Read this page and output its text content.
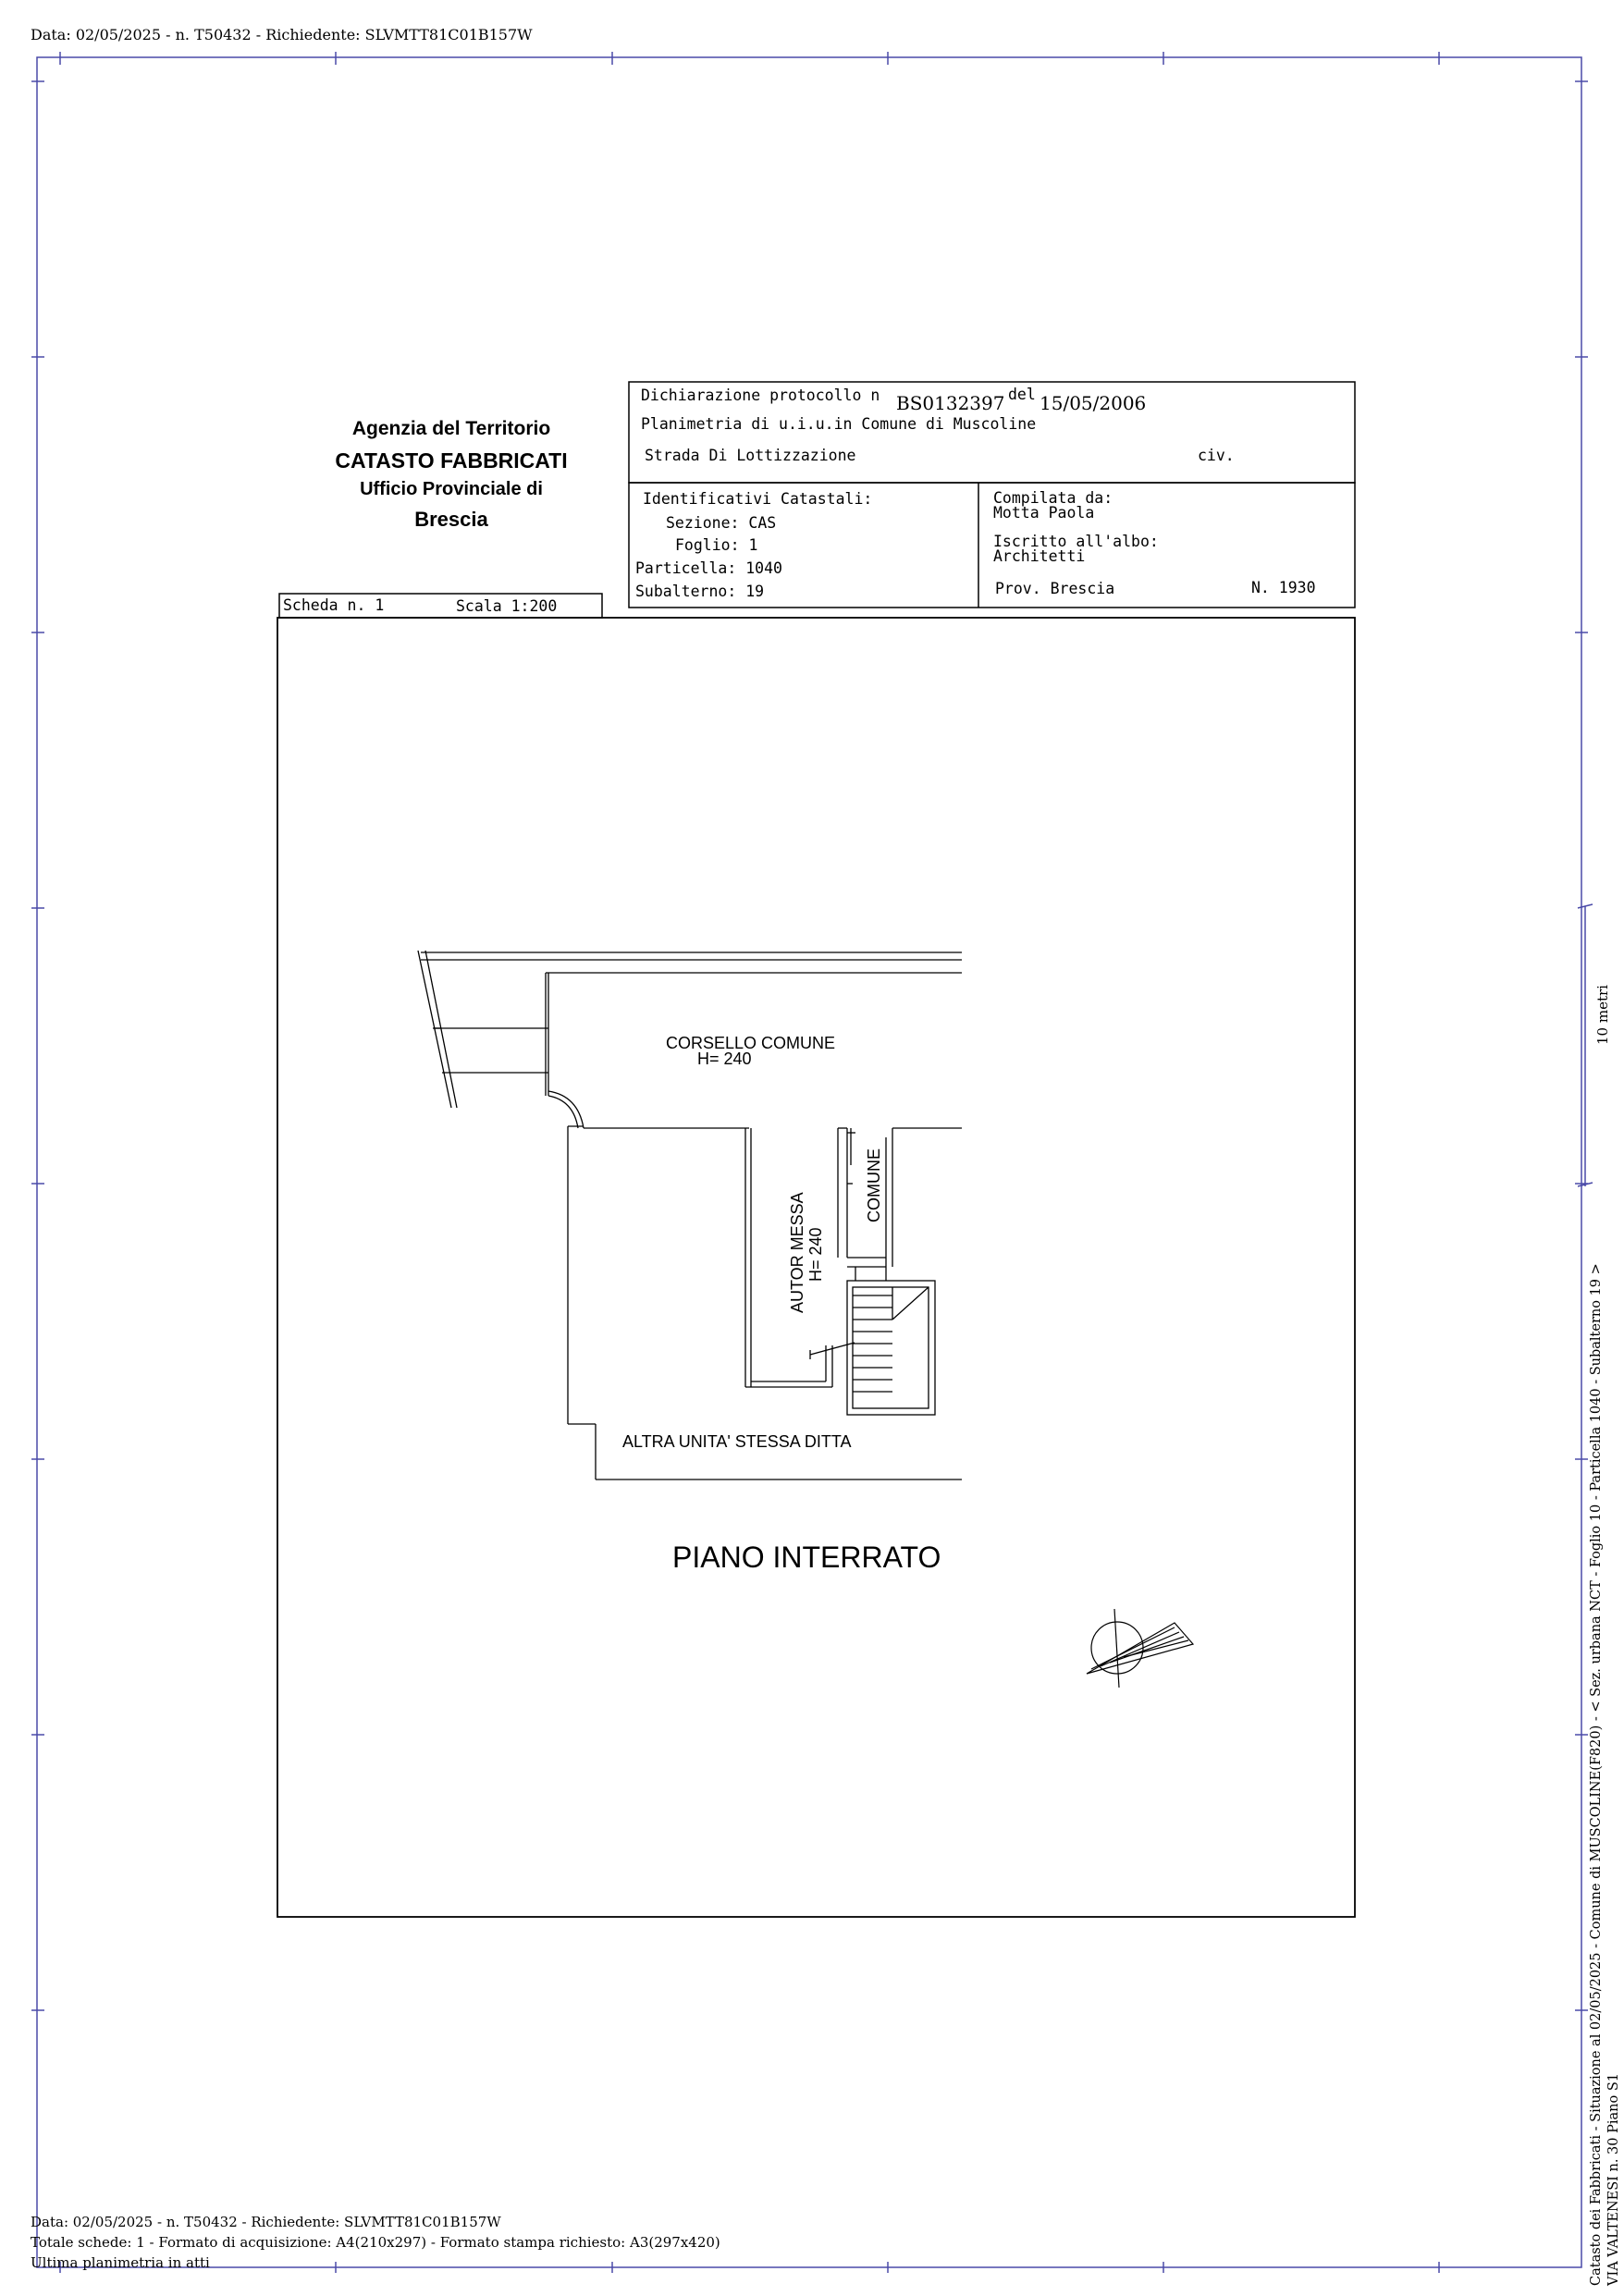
Data: 02/05/2025 - n. T50432 - Richiedente: SLVMTT81C01B157W
Agenzia del Territorio
CATASTO FABBRICATI
Ufficio Provinciale di
Brescia
Dichiarazione protocollo n BS0132397 del 15/05/2006
Planimetria di u.i.u.in Comune di Muscoline
Strada Di Lottizzazione	civ.
Identificativi Catastali:
Sezione: CAS
Foglio: 1
Particella: 1040
Subalterno: 19
Compilata da:
Motta Paola
Iscritto all'albo:
Architetti
Prov. Brescia	N. 1930
Scheda n. 1	Scala 1:200
CORSELLO COMUNE
H= 240
AUTOR MESSA H= 240
COMUNE
ALTRA UNITA' STESSA DITTA
PIANO INTERRATO
10 metri
Catasto dei Fabbricati - Situazione al 02/05/2025 - Comune di MUSCOLINE(F820) - < Sez. urbana NCT - Foglio 10 - Particella 1040 - Subalterno 19 > VIA VALTENESI n. 30 Piano S1
Data: 02/05/2025 - n. T50432 - Richiedente: SLVMTT81C01B157W
Totale schede: 1 - Formato di acquisizione: A4(210x297) - Formato stampa richiesto: A3(297x420)
Ultima planimetria in atti
